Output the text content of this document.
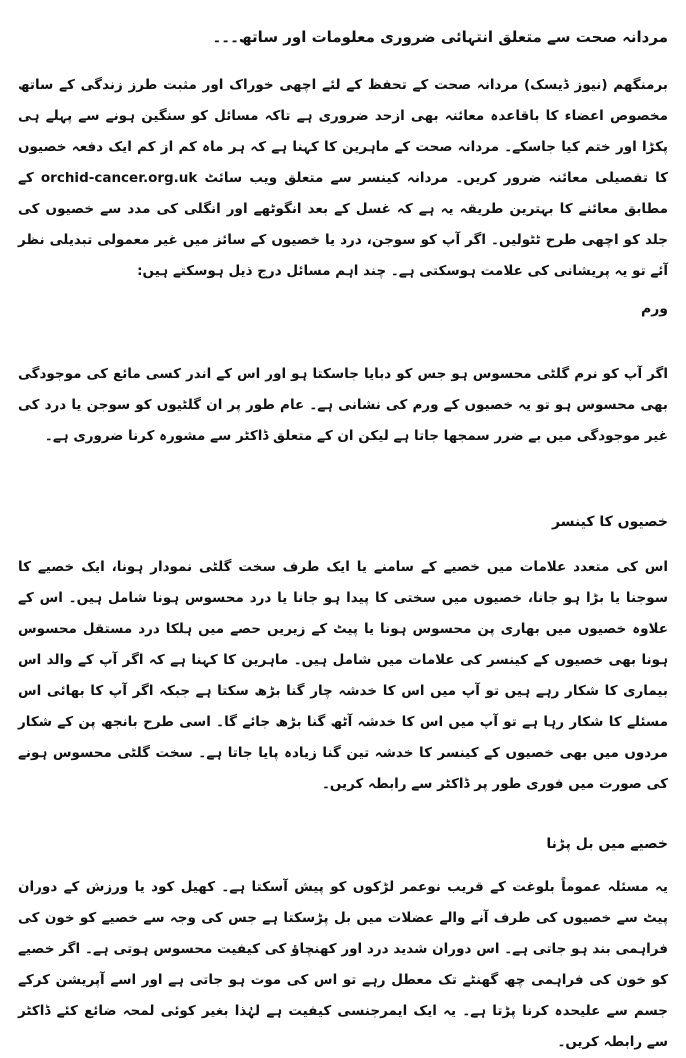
مردانہ صحت سے متعلق انتہائی ضروری معلومات اور ساتھ۔۔۔

برمنگھم (نیوز ڈیسک) مردانہ صحت کے تحفظ کے لئے اچھی خوراک اور مثبت طرز زندگی کے ساتھ مخصوص اعضاء کا باقاعدہ معائنہ بھی ازحد ضروری ہے تاکہ مسائل کو سنگین ہونے سے پہلے ہی پکڑا اور ختم کیا جاسکے۔ مردانہ صحت کے ماہرین کا کہنا ہے کہ ہر ماہ کم از کم ایک دفعہ خصیوں کا تفصیلی معائنہ ضرور کریں۔ مردانہ کینسر سے متعلق ویب سائٹ orchid-cancer.org.uk کے مطابق معائنے کا بہترین طریقہ یہ ہے کہ غسل کے بعد انگوٹھے اور انگلی کی مدد سے خصیوں کی جلد کو اچھی طرح ٹٹولیں۔ اگر آپ کو سوجن، درد یا خصیوں کے سائز میں غیر معمولی تبدیلی نظر آئے تو یہ پریشانی کی علامت ہوسکتی ہے۔ چند اہم مسائل درج ذیل ہوسکتے ہیں:

ورم

اگر آپ کو نرم گلٹی محسوس ہو جس کو دبایا جاسکتا ہو اور اس کے اندر کسی مائع کی موجودگی بھی محسوس ہو تو یہ خصیوں کے ورم کی نشانی ہے۔ عام طور پر ان گلٹیوں کو سوجن یا درد کی غیر موجودگی میں بے ضرر سمجھا جاتا ہے لیکن ان کے متعلق ڈاکٹر سے مشورہ کرنا ضروری ہے۔

خصیوں کا کینسر

اس کی متعدد علامات میں خصیے کے سامنے یا ایک طرف سخت گلٹی نمودار ہونا، ایک خصیے کا سوجنا یا بڑا ہو جانا، خصیوں میں سختی کا پیدا ہو جانا یا درد محسوس ہونا شامل ہیں۔ اس کے علاوہ خصیوں میں بھاری پن محسوس ہونا یا پیٹ کے زیریں حصے میں ہلکا درد مستقل محسوس ہونا بھی خصیوں کے کینسر کی علامات میں شامل ہیں۔ ماہرین کا کہنا ہے کہ اگر آپ کے والد اس بیماری کا شکار رہے ہیں تو آپ میں اس کا خدشہ چار گنا بڑھ سکتا ہے جبکہ اگر آپ کا بھائی اس مسئلے کا شکار رہا ہے تو آپ میں اس کا خدشہ آٹھ گنا بڑھ جائے گا۔ اسی طرح بانجھ پن کے شکار مردوں میں بھی خصیوں کے کینسر کا خدشہ تین گنا زیادہ پایا جاتا ہے۔ سخت گلٹی محسوس ہونے کی صورت میں فوری طور پر ڈاکٹر سے رابطہ کریں۔

خصیے میں بل پڑنا

یہ مسئلہ عموماً بلوغت کے قریب نوعمر لڑکوں کو پیش آسکتا ہے۔ کھیل کود یا ورزش کے دوران پیٹ سے خصیوں کی طرف آنے والے عضلات میں بل پڑسکتا ہے جس کی وجہ سے خصیے کو خون کی فراہمی بند ہو جاتی ہے۔ اس دوران شدید درد اور کھنچاؤ کی کیفیت محسوس ہوتی ہے۔ اگر خصیے کو خون کی فراہمی چھ گھنٹے تک معطل رہے تو اس کی موت ہو جاتی ہے اور اسے آپریشن کرکے جسم سے علیحدہ کرنا پڑتا ہے۔ یہ ایک ایمرجنسی کیفیت ہے لہٰذا بغیر کوئی لمحہ ضائع کئے ڈاکٹر سے رابطہ کریں۔
